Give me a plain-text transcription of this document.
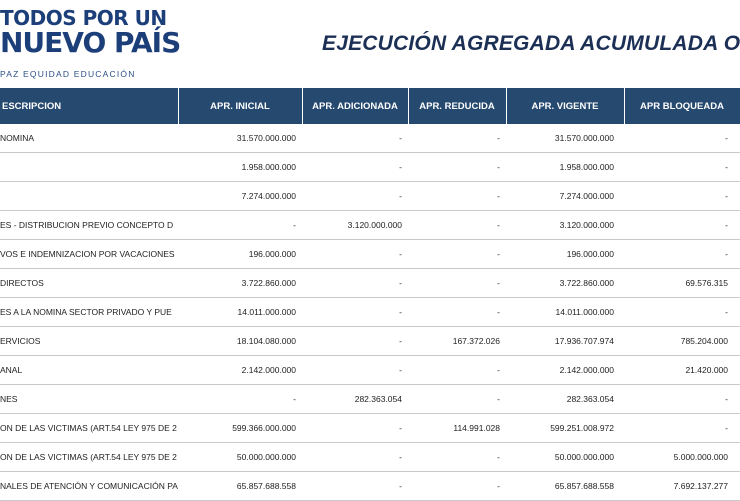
TODOS POR UN
NUEVO PAÍS
PAZ EQUIDAD EDUCACIÓN
EJECUCIÓN AGREGADA ACUMULADA O
ESCRIPCION	APR. INICIAL	APR. ADICIONADA	APR. REDUCIDA	APR. VIGENTE	APR BLOQUEADA
NOMINA	31.570.000.000	-	-	31.570.000.000	-
	1.958.000.000	-	-	1.958.000.000	-
	7.274.000.000	-	-	7.274.000.000	-
ES - DISTRIBUCION PREVIO CONCEPTO D	-	3.120.000.000	-	3.120.000.000	-
VOS E INDEMNIZACION POR VACACIONES	196.000.000	-	-	196.000.000	-
DIRECTOS	3.722.860.000	-	-	3.722.860.000	69.576.315
ES A LA NOMINA SECTOR PRIVADO Y PUE	14.011.000.000	-	-	14.011.000.000	-
ERVICIOS	18.104.080.000	-	167.372.026	17.936.707.974	785.204.000
ANAL	2.142.000.000	-	-	2.142.000.000	21.420.000
NES	-	282.363.054	-	282.363.054	-
ON DE LAS VICTIMAS (ART.54 LEY 975 DE 2	599.366.000.000	-	114.991.028	599.251.008.972	-
ON DE LAS VICTIMAS (ART.54 LEY 975 DE 2	50.000.000.000	-	-	50.000.000.000	5.000.000.000
NALES DE ATENCIÓN Y COMUNICACIÓN PA	65.857.688.558	-	-	65.857.688.558	7.692.137.277
